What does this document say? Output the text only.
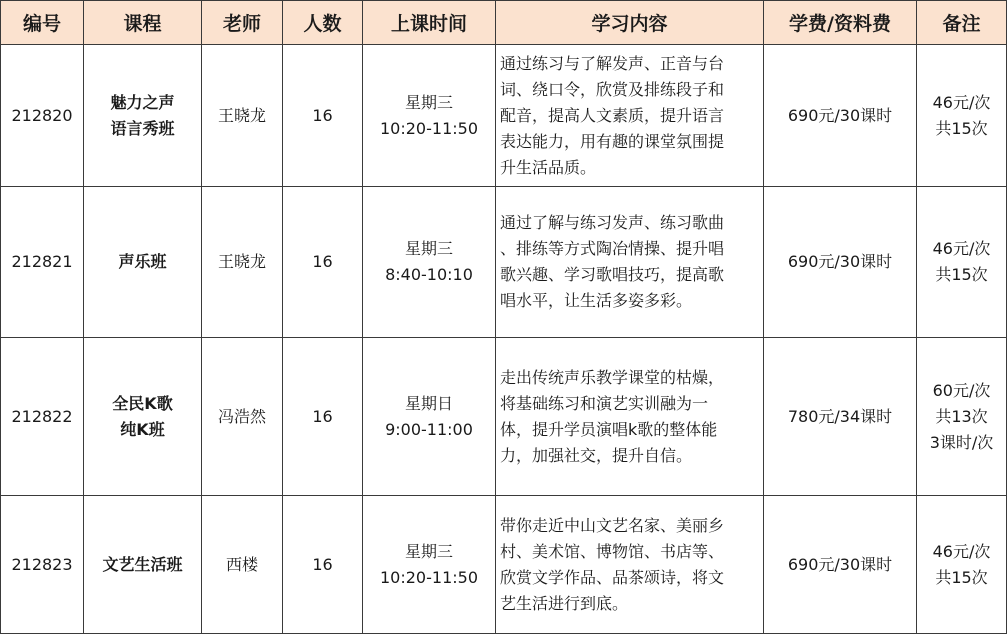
编号	课程	老师	人数	上课时间	学习内容	学费/资料费	备注
212820	魅力之声
语言秀班	王晓龙	16	星期三
10:20-11:50	通过练习与了解发声、正音与台
词、绕口令，欣赏及排练段子和
配音，提高人文素质，提升语言
表达能力，用有趣的课堂氛围提
升生活品质。	690元/30课时	46元/次
共15次

212821	声乐班	王晓龙	16	星期三
8:40-10:10	通过了解与练习发声、练习歌曲
、排练等方式陶冶情操、提升唱
歌兴趣、学习歌唱技巧，提高歌
唱水平，让生活多姿多彩。	690元/30课时	46元/次
共15次

212822	全民K歌
纯K班	冯浩然	16	星期日
9:00-11:00	走出传统声乐教学课堂的枯燥，
将基础练习和演艺实训融为一
体，提升学员演唱k歌的整体能
力，加强社交，提升自信。	780元/34课时	60元/次
共13次
3课时/次

212823	文艺生活班	西楼	16	星期三
10:20-11:50	带你走近中山文艺名家、美丽乡
村、美术馆、博物馆、书店等、
欣赏文学作品、品茶颂诗，将文
艺生活进行到底。	690元/30课时	46元/次
共15次
